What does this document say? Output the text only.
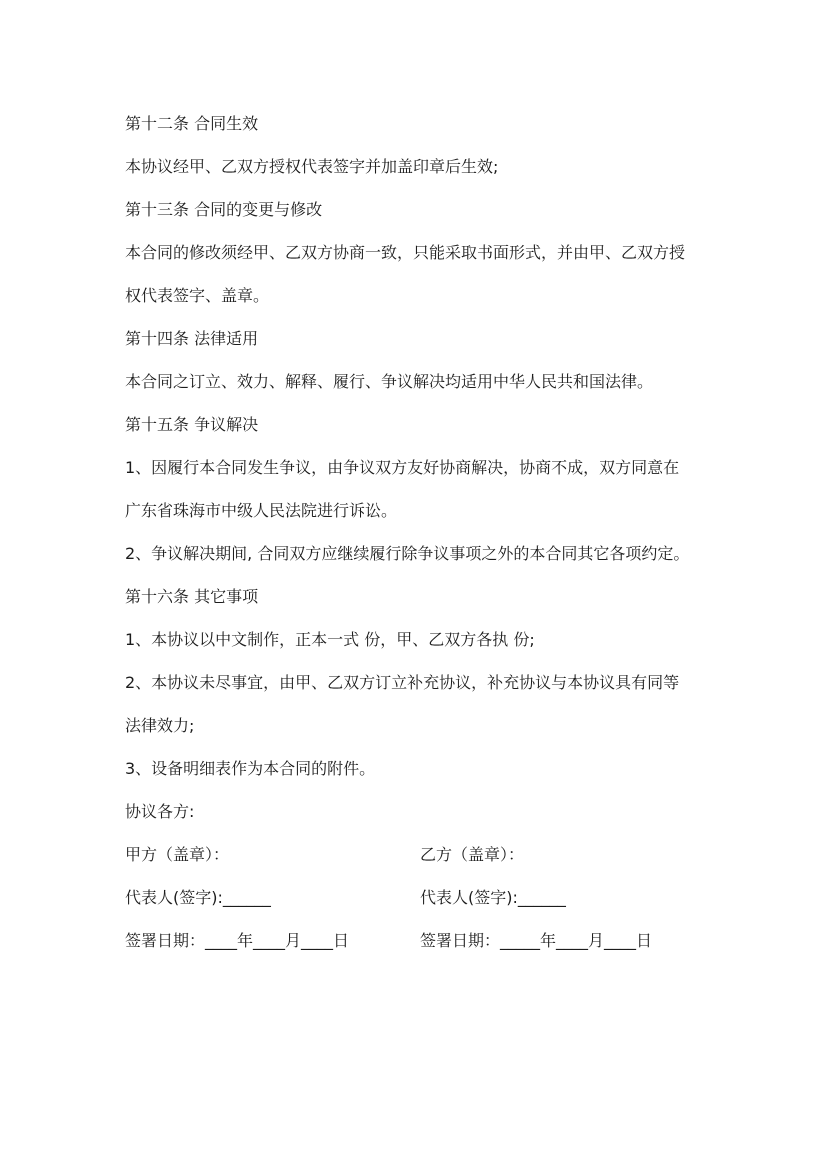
第十二条 合同生效

本协议经甲、乙双方授权代表签字并加盖印章后生效;

第十三条 合同的变更与修改

本合同的修改须经甲、乙双方协商一致，只能采取书面形式，并由甲、乙双方授

权代表签字、盖章。

第十四条 法律适用

本合同之订立、效力、解释、履行、争议解决均适用中华人民共和国法律。

第十五条 争议解决

1、因履行本合同发生争议，由争议双方友好协商解决，协商不成，双方同意在

广东省珠海市中级人民法院进行诉讼。

2、争议解决期间, 合同双方应继续履行除争议事项之外的本合同其它各项约定。

第十六条 其它事项

1、本协议以中文制作，正本一式 份，甲、乙双方各执 份;

2、本协议未尽事宜，由甲、乙双方订立补充协议，补充协议与本协议具有同等

法律效力;

3、设备明细表作为本合同的附件。

协议各方:

甲方（盖章）：	乙方（盖章）：

代表人(签字):______	代表人(签字):______

签署日期：____年____月____日	签署日期：_____年____月____日
